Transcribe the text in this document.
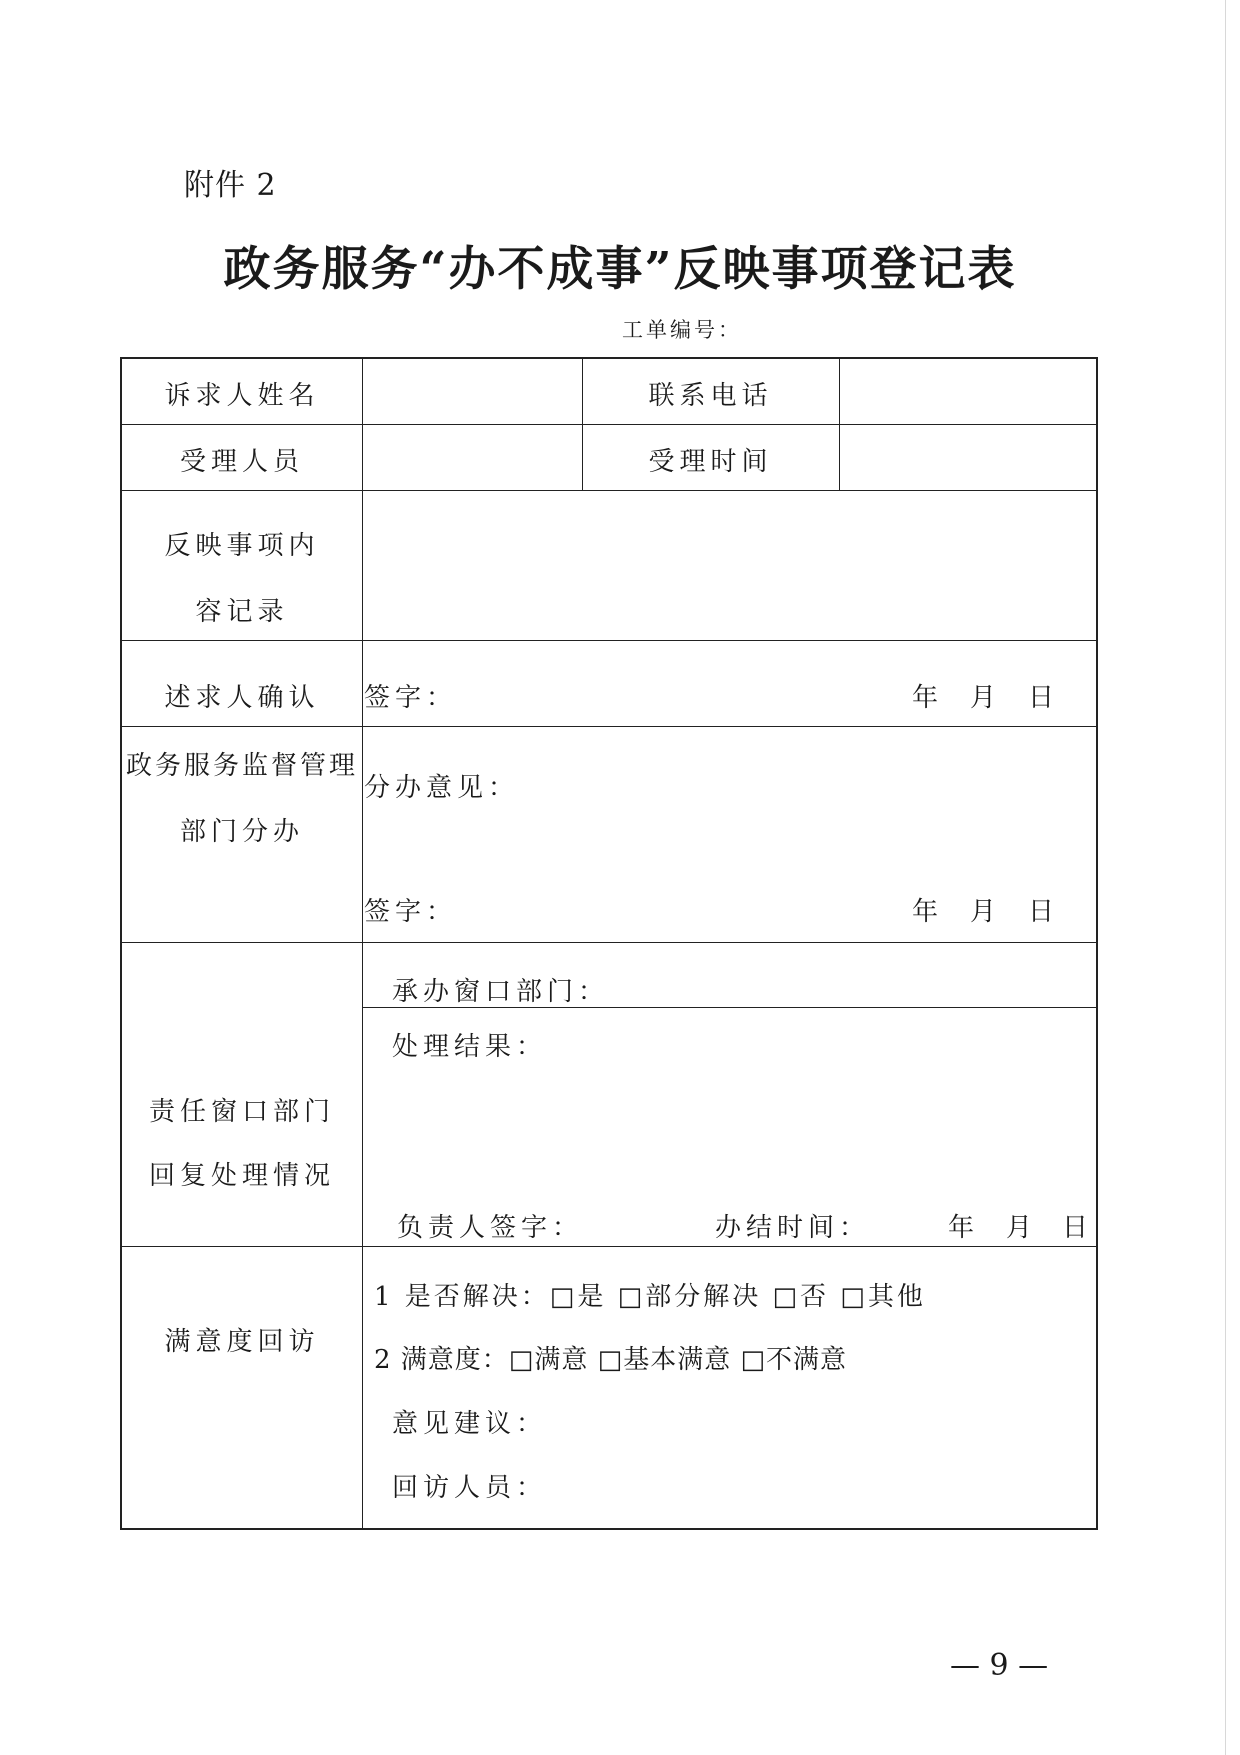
附件 2
政务服务“办不成事”反映事项登记表
工单编号：
诉求人姓名	联系电话
受理人员	受理时间
反映事项内
容记录
述求人确认	签字：	年 月 日
政务服务监督管理
部门分办
分办意见：
签字：	年 月 日
责任窗口部门
回复处理情况
承办窗口部门：
处理结果：
负责人签字：	办结时间：	年 月 日
满意度回访
1 是否解决：□是 □部分解决 □否 □其他
2 满意度：□满意 □基本满意 □不满意
意见建议：
回访人员：
— 9 —
